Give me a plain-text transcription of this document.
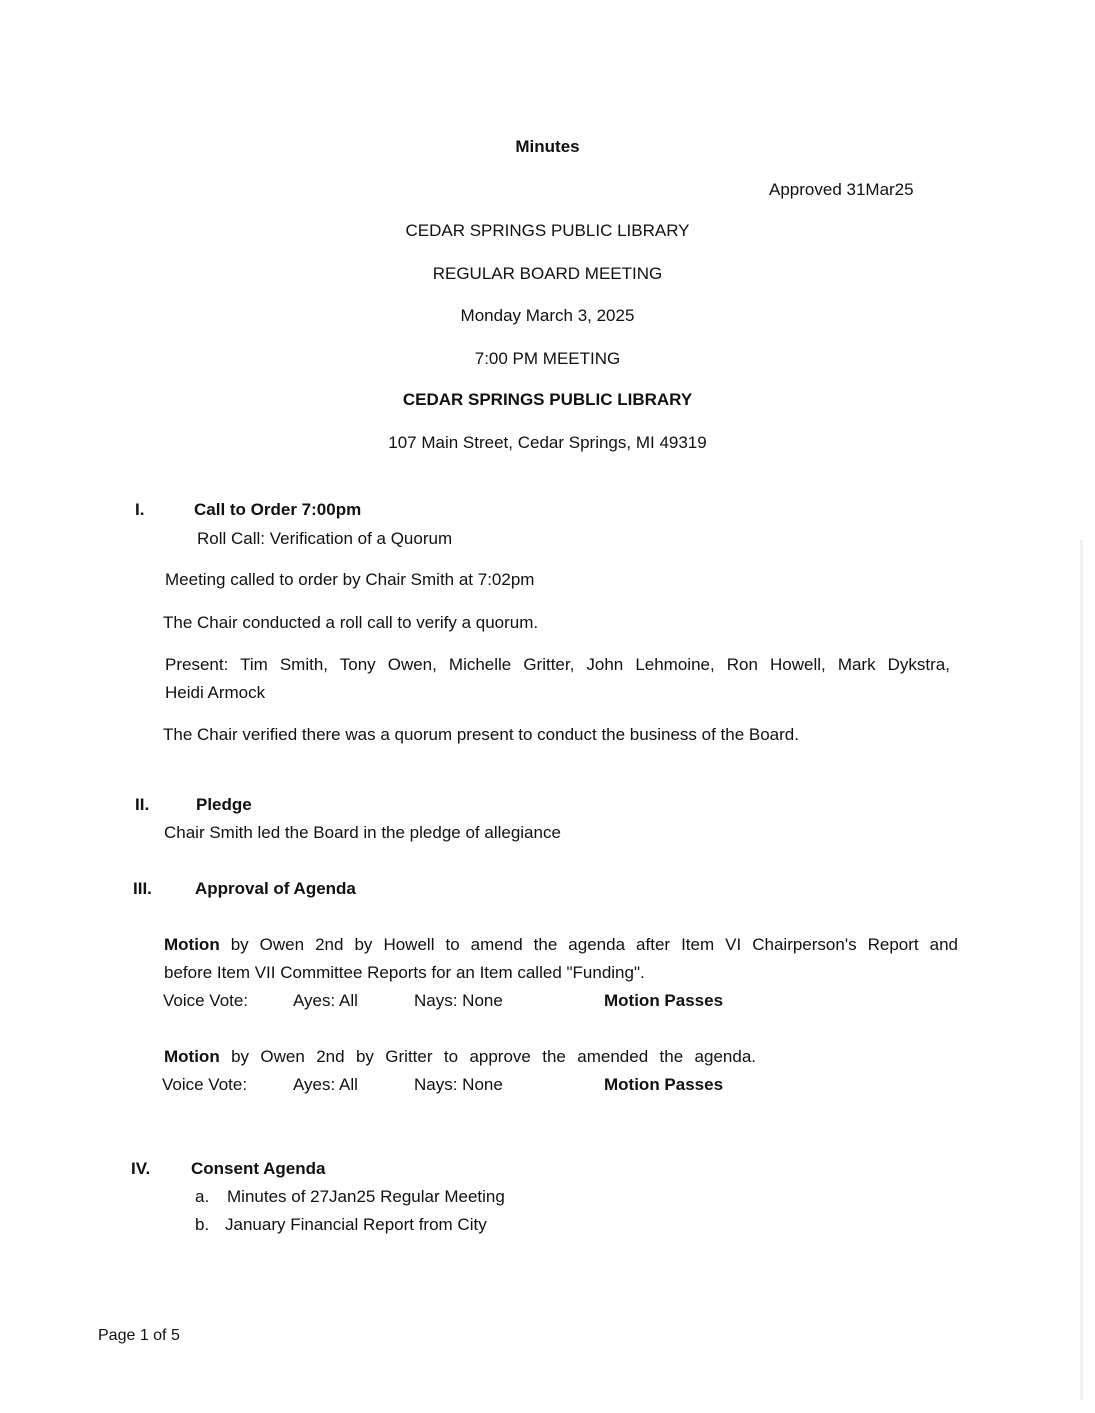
Minutes
Approved 31Mar25
CEDAR SPRINGS PUBLIC LIBRARY
REGULAR BOARD MEETING
Monday March 3, 2025
7:00 PM MEETING
CEDAR SPRINGS PUBLIC LIBRARY
107 Main Street, Cedar Springs, MI 49319
I.	Call to Order 7:00pm
Roll Call: Verification of a Quorum
Meeting called to order by Chair Smith at 7:02pm
The Chair conducted a roll call to verify a quorum.
Present: Tim Smith, Tony Owen, Michelle Gritter, John Lehmoine, Ron Howell, Mark Dykstra,
Heidi Armock
The Chair verified there was a quorum present to conduct the business of the Board.
II.	Pledge
Chair Smith led the Board in the pledge of allegiance
III.	Approval of Agenda
Motion by Owen 2nd by Howell to amend the agenda after Item VI Chairperson's Report and
before Item VII Committee Reports for an Item called "Funding".
Voice Vote:	Ayes: All	Nays: None	Motion Passes
Motion by Owen 2nd by Gritter to approve the amended the agenda.
Voice Vote:	Ayes: All	Nays: None	Motion Passes
IV. Consent Agenda
a. Minutes of 27Jan25 Regular Meeting
b. January Financial Report from City
Page 1 of 5
